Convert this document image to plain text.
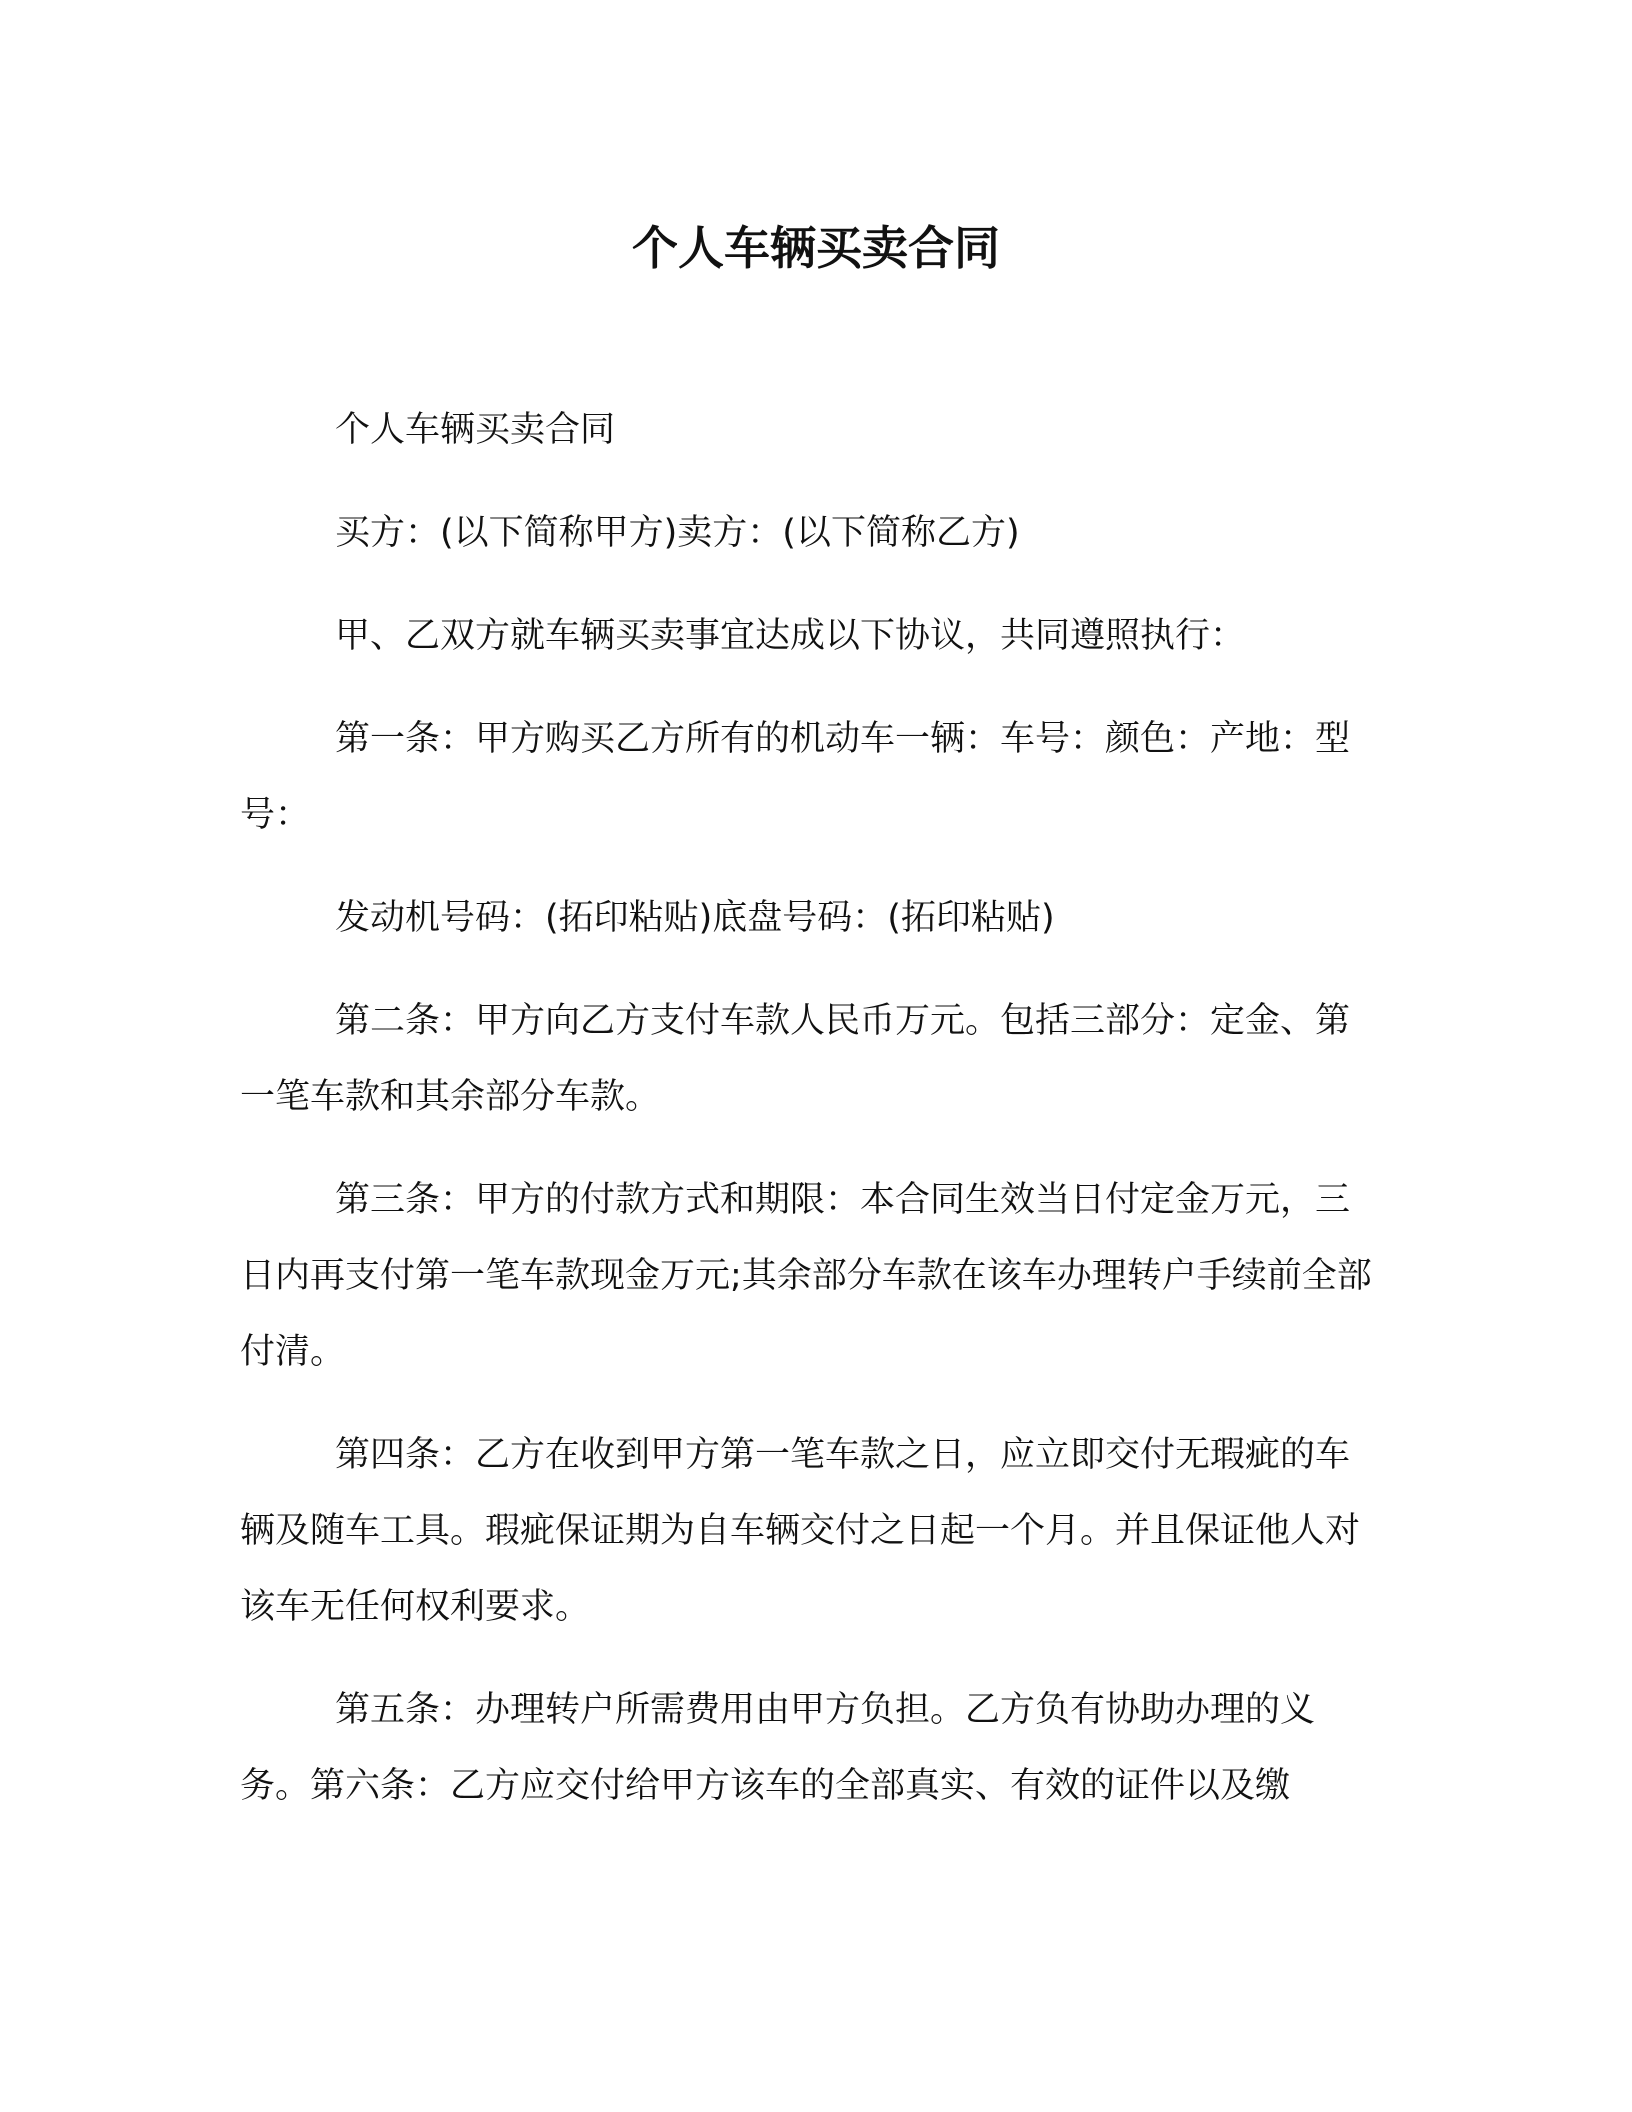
个人车辆买卖合同

个人车辆买卖合同

买方：(以下简称甲方)卖方：(以下简称乙方)

甲、乙双方就车辆买卖事宜达成以下协议，共同遵照执行：

第一条：甲方购买乙方所有的机动车一辆：车号：颜色：产地：型号：

发动机号码：(拓印粘贴)底盘号码：(拓印粘贴)

第二条：甲方向乙方支付车款人民币万元。包括三部分：定金、第一笔车款和其余部分车款。

第三条：甲方的付款方式和期限：本合同生效当日付定金万元，三日内再支付第一笔车款现金万元;其余部分车款在该车办理转户手续前全部付清。

第四条：乙方在收到甲方第一笔车款之日，应立即交付无瑕疵的车辆及随车工具。瑕疵保证期为自车辆交付之日起一个月。并且保证他人对该车无任何权利要求。

第五条：办理转户所需费用由甲方负担。乙方负有协助办理的义务。第六条：乙方应交付给甲方该车的全部真实、有效的证件以及缴
